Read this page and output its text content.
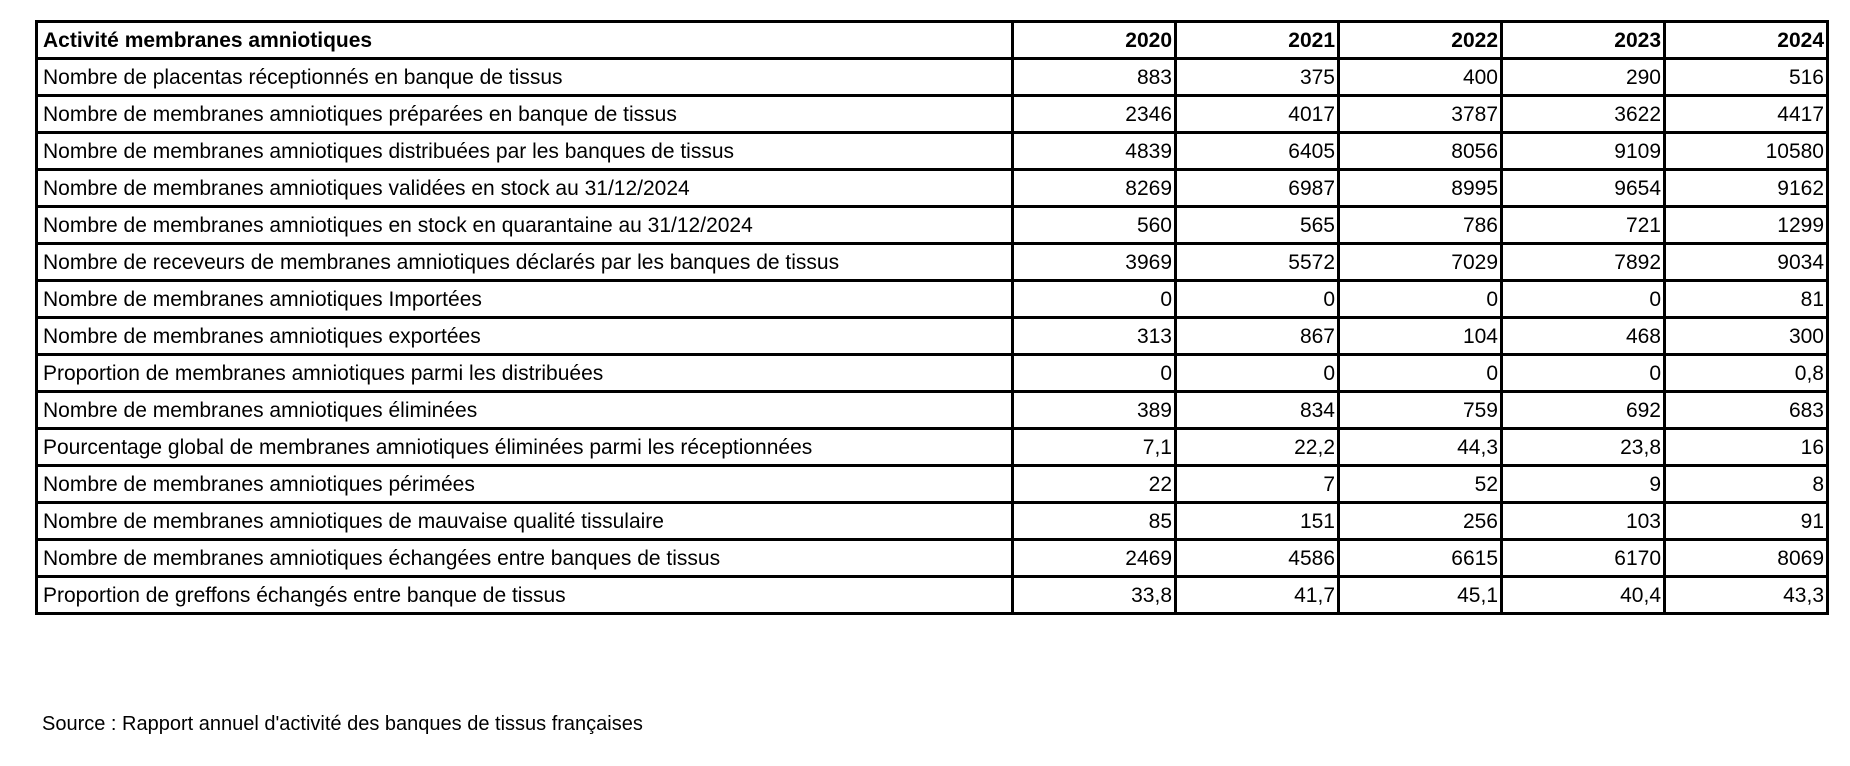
Activité membranes amniotiques	2020	2021	2022	2023	2024
Nombre de placentas réceptionnés en banque de tissus	883	375	400	290	516
Nombre de membranes amniotiques préparées en banque de tissus	2346	4017	3787	3622	4417
Nombre de membranes amniotiques distribuées par les banques de tissus	4839	6405	8056	9109	10580
Nombre de membranes amniotiques validées en stock au 31/12/2024	8269	6987	8995	9654	9162
Nombre de membranes amniotiques en stock en quarantaine au 31/12/2024	560	565	786	721	1299
Nombre de receveurs de membranes amniotiques déclarés par les banques de tissus	3969	5572	7029	7892	9034
Nombre de membranes amniotiques Importées	0	0	0	0	81
Nombre de membranes amniotiques exportées	313	867	104	468	300
Proportion de membranes amniotiques parmi les distribuées	0	0	0	0	0,8
Nombre de membranes amniotiques éliminées	389	834	759	692	683
Pourcentage global de membranes amniotiques éliminées parmi les réceptionnées	7,1	22,2	44,3	23,8	16
Nombre de membranes amniotiques périmées	22	7	52	9	8
Nombre de membranes amniotiques de mauvaise qualité tissulaire	85	151	256	103	91
Nombre de membranes amniotiques échangées entre banques de tissus	2469	4586	6615	6170	8069
Proportion de greffons échangés entre banque de tissus	33,8	41,7	45,1	40,4	43,3
Source : Rapport annuel d'activité des banques de tissus françaises
